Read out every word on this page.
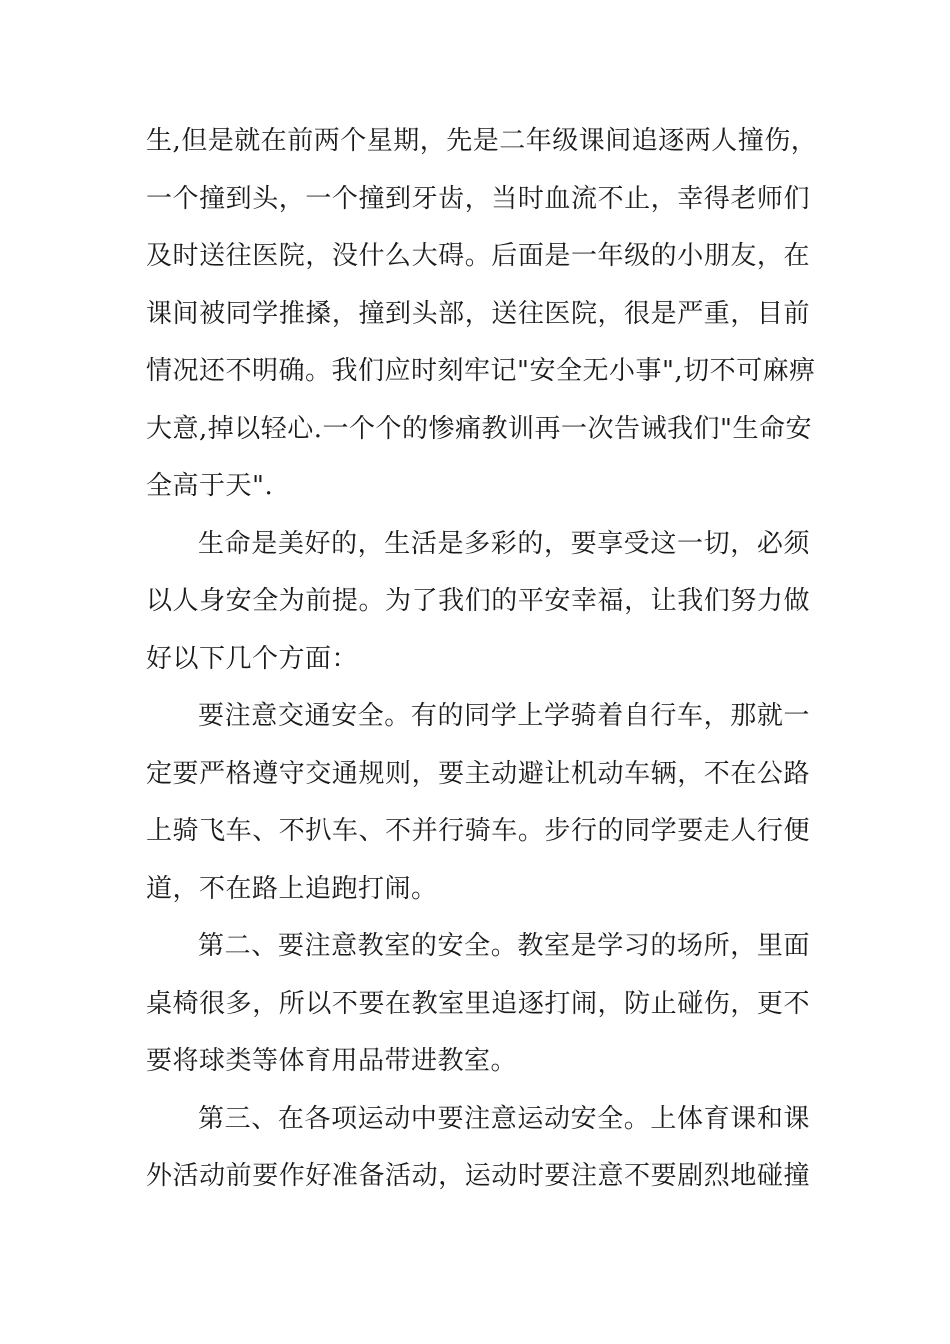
生,但是就在前两个星期，先是二年级课间追逐两人撞伤，
一个撞到头，一个撞到牙齿，当时血流不止，幸得老师们
及时送往医院，没什么大碍。后面是一年级的小朋友，在
课间被同学推搡，撞到头部，送往医院，很是严重，目前
情况还不明确。我们应时刻牢记"安全无小事",切不可麻痹
大意,掉以轻心.一个个的惨痛教训再一次告诫我们"生命安
全高于天".
生命是美好的，生活是多彩的，要享受这一切，必须
以人身安全为前提。为了我们的平安幸福，让我们努力做
好以下几个方面：
要注意交通安全。有的同学上学骑着自行车，那就一
定要严格遵守交通规则，要主动避让机动车辆，不在公路
上骑飞车、不扒车、不并行骑车。步行的同学要走人行便
道，不在路上追跑打闹。
第二、要注意教室的安全。教室是学习的场所，里面
桌椅很多，所以不要在教室里追逐打闹，防止碰伤，更不
要将球类等体育用品带进教室。
第三、在各项运动中要注意运动安全。上体育课和课
外活动前要作好准备活动，运动时要注意不要剧烈地碰撞
